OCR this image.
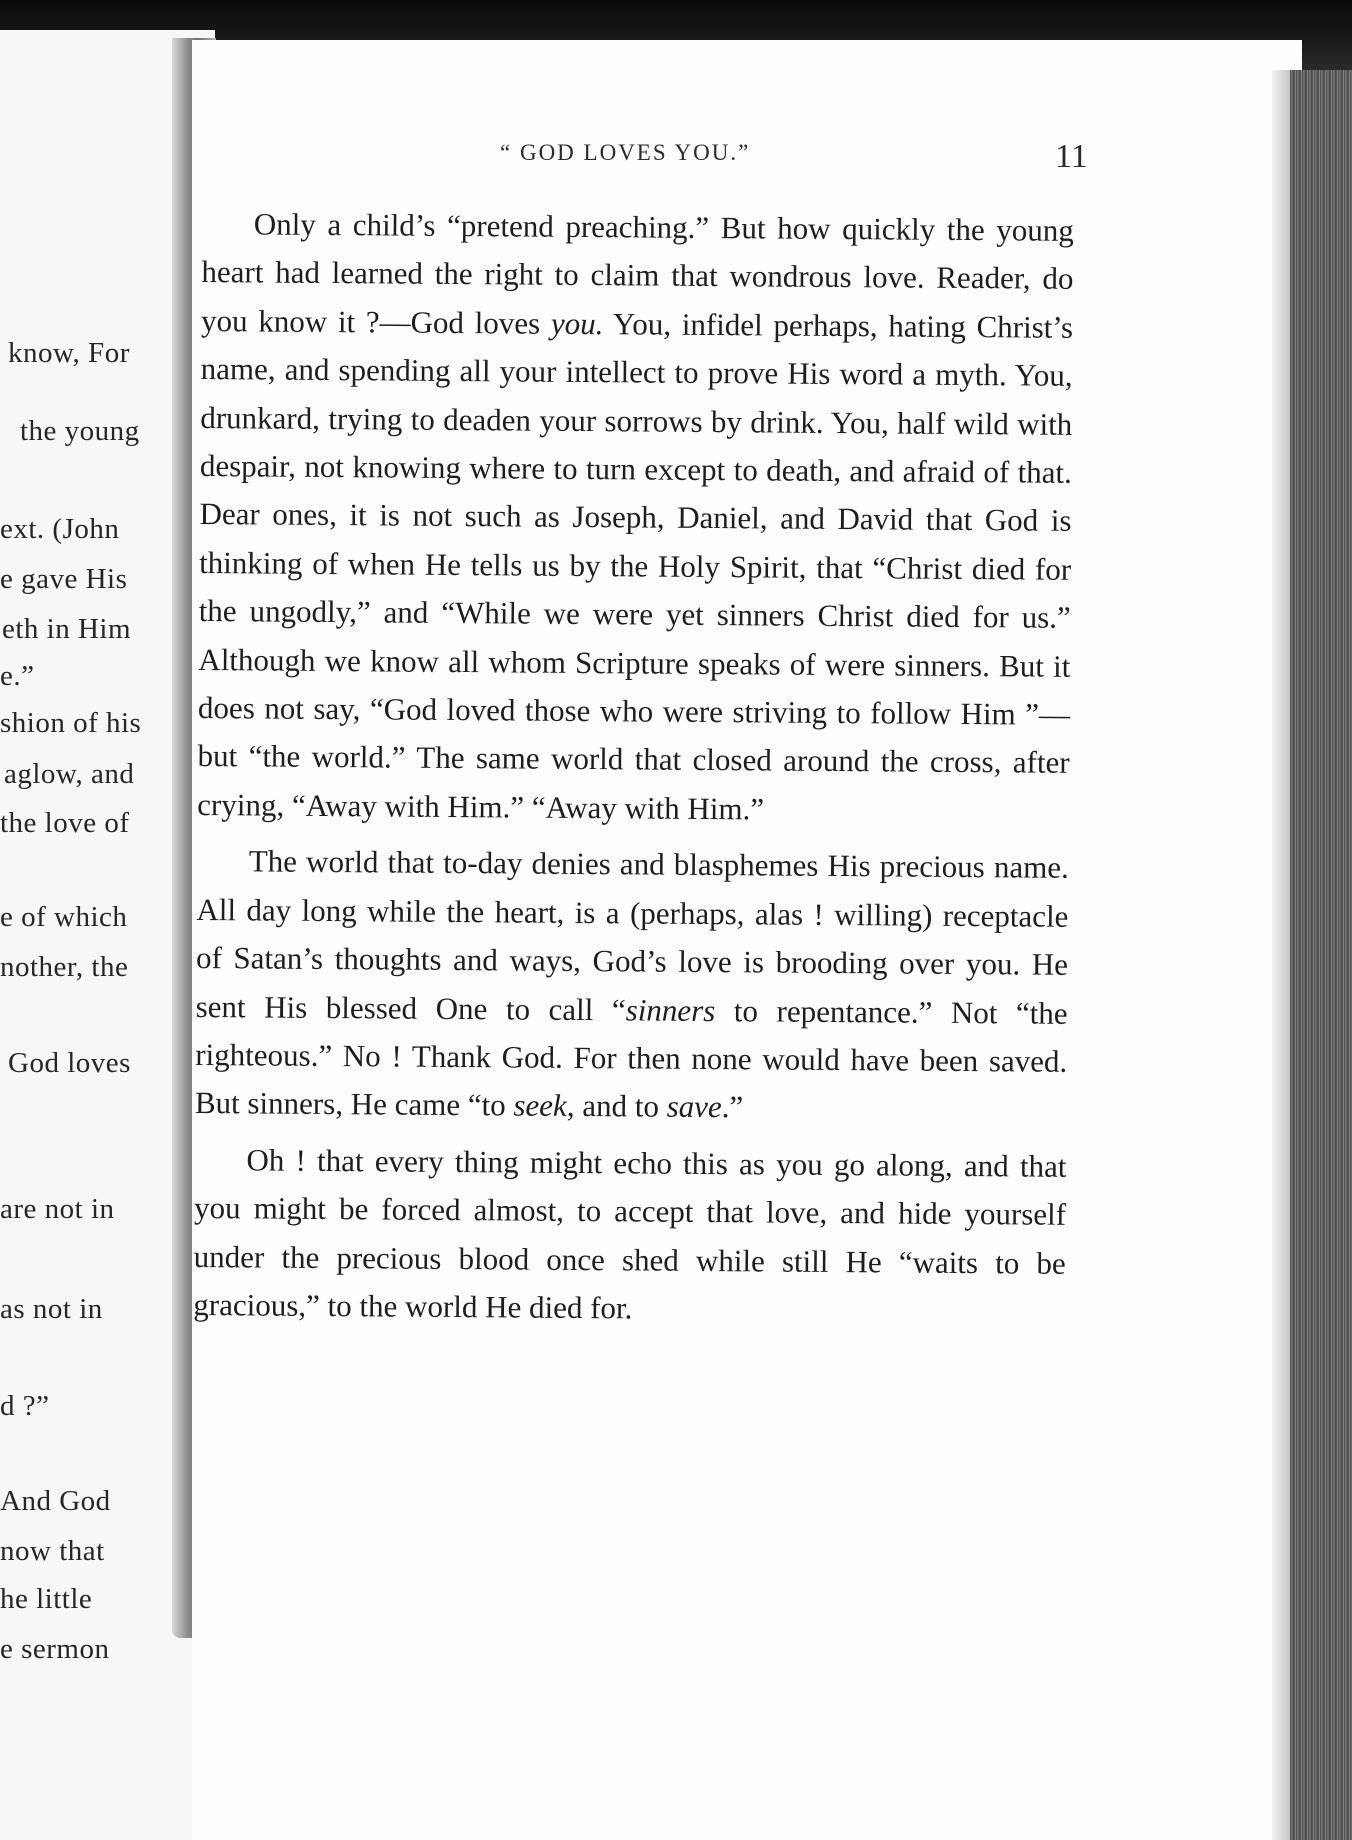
know, For
the young
ext. (John
e gave His
eth in Him
e.”
shion of his
aglow, and
the love of
e of which
nother, the
God loves
are not in
as not in
d ?”
And God
now that
he little
e sermon
“ GOD LOVES YOU.”	11

Only a child’s “pretend preaching.” But how quickly the young heart had learned the right to claim that wondrous love. Reader, do you know it ?—God loves you. You, infidel perhaps, hating Christ’s name, and spending all your intellect to prove His word a myth. You, drunkard, trying to deaden your sorrows by drink. You, half wild with despair, not knowing where to turn except to death, and afraid of that. Dear ones, it is not such as Joseph, Daniel, and David that God is thinking of when He tells us by the Holy Spirit, that “Christ died for the ungodly,” and “While we were yet sinners Christ died for us.” Although we know all whom Scripture speaks of were sinners. But it does not say, “God loved those who were striving to follow Him ”—but “the world.” The same world that closed around the cross, after crying, “Away with Him.” “Away with Him.”

The world that to-day denies and blasphemes His precious name. All day long while the heart, is a (perhaps, alas ! willing) receptacle of Satan’s thoughts and ways, God’s love is brooding over you. He sent His blessed One to call “sinners to repentance.” Not “the righteous.” No ! Thank God. For then none would have been saved. But sinners, He came “to seek, and to save.”

Oh ! that every thing might echo this as you go along, and that you might be forced almost, to accept that love, and hide yourself under the precious blood once shed while still He “waits to be gracious,” to the world He died for.
